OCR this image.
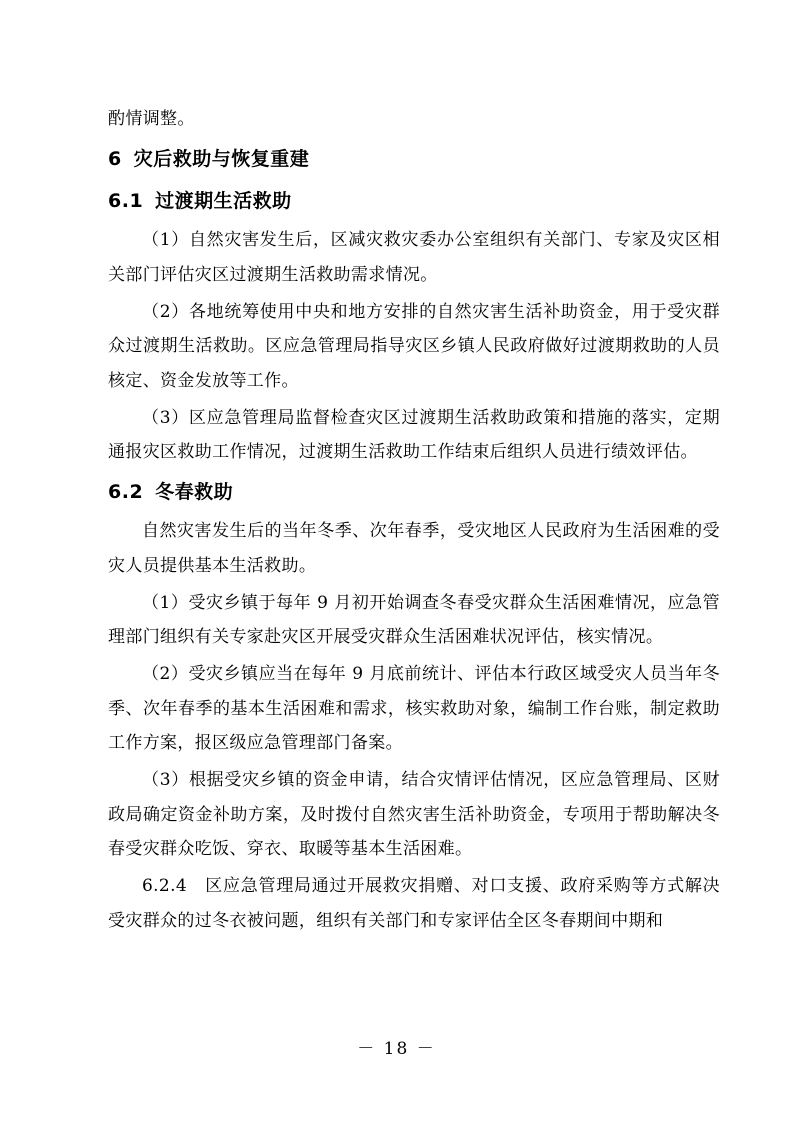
酌情调整。

6 灾后救助与恢复重建
6.1 过渡期生活救助

（1）自然灾害发生后，区减灾救灾委办公室组织有关部门、专家及灾区相关部门评估灾区过渡期生活救助需求情况。

（2）各地统筹使用中央和地方安排的自然灾害生活补助资金，用于受灾群众过渡期生活救助。区应急管理局指导灾区乡镇人民政府做好过渡期救助的人员核定、资金发放等工作。

（3）区应急管理局监督检查灾区过渡期生活救助政策和措施的落实，定期通报灾区救助工作情况，过渡期生活救助工作结束后组织人员进行绩效评估。

6.2 冬春救助

自然灾害发生后的当年冬季、次年春季，受灾地区人民政府为生活困难的受灾人员提供基本生活救助。

（1）受灾乡镇于每年 9 月初开始调查冬春受灾群众生活困难情况，应急管理部门组织有关专家赴灾区开展受灾群众生活困难状况评估，核实情况。

（2）受灾乡镇应当在每年 9 月底前统计、评估本行政区域受灾人员当年冬季、次年春季的基本生活困难和需求，核实救助对象，编制工作台账，制定救助工作方案，报区级应急管理部门备案。

（3）根据受灾乡镇的资金申请，结合灾情评估情况，区应急管理局、区财政局确定资金补助方案，及时拨付自然灾害生活补助资金，专项用于帮助解决冬春受灾群众吃饭、穿衣、取暖等基本生活困难。

6.2.4　区应急管理局通过开展救灾捐赠、对口支援、政府采购等方式解决受灾群众的过冬衣被问题，组织有关部门和专家评估全区冬春期间中期和

－ 18 －
